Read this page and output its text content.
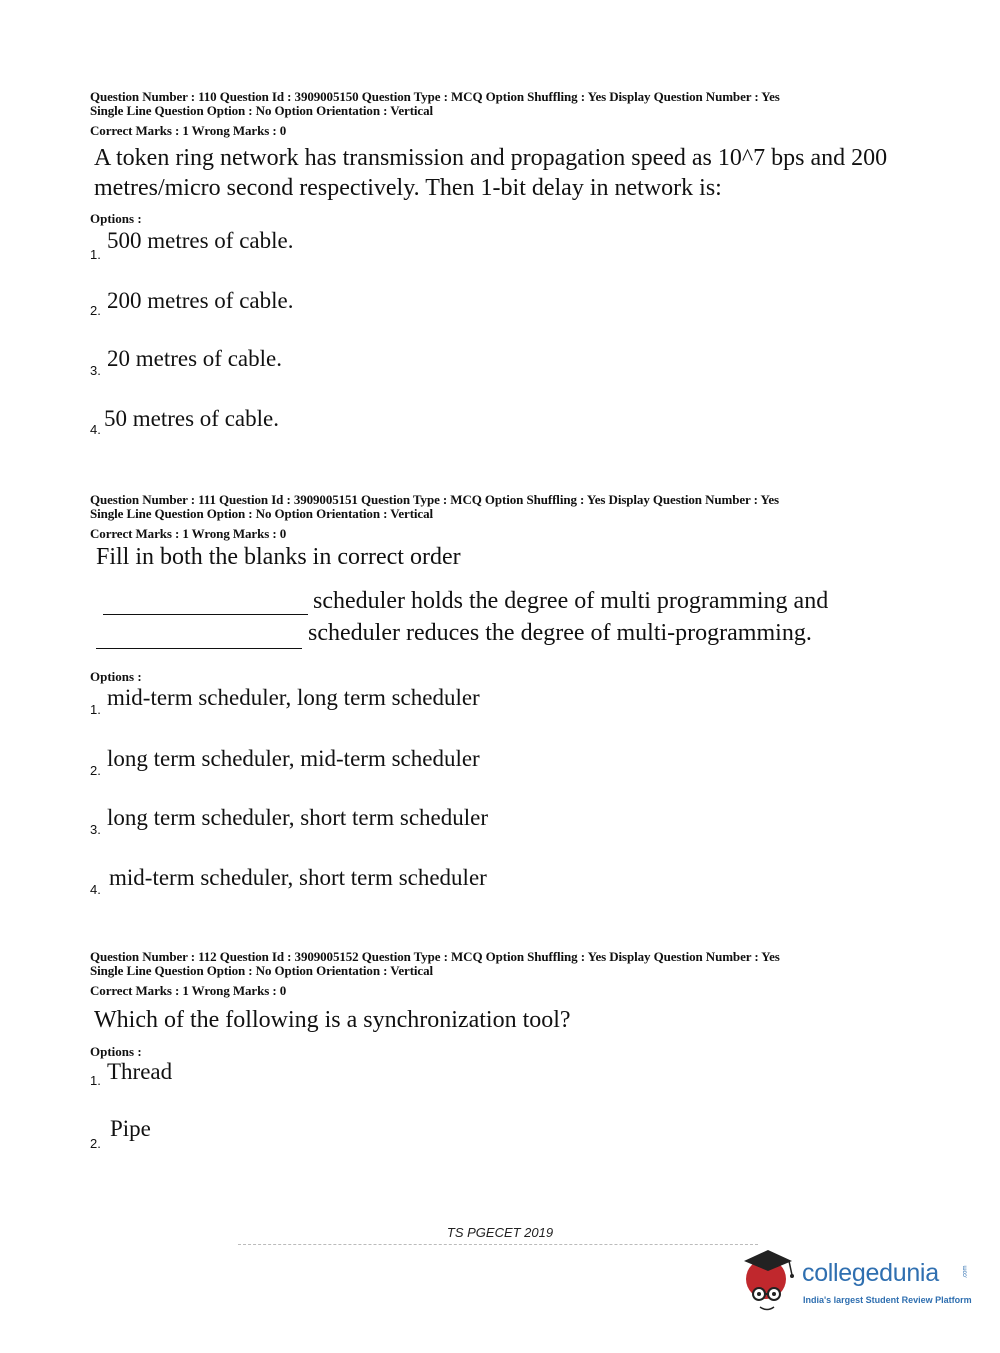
Question Number : 110 Question Id : 3909005150 Question Type : MCQ Option Shuffling : Yes Display Question Number : Yes
Single Line Question Option : No Option Orientation : Vertical
Correct Marks : 1 Wrong Marks : 0
A token ring network has transmission and propagation speed as 10^7 bps and 200
metres/micro second respectively. Then 1-bit delay in network is:
Options :
1.
500 metres of cable.
2. 200 metres of cable.
3. 20 metres of cable.
4. 50 metres of cable.
Question Number : 111 Question Id : 3909005151 Question Type : MCQ Option Shuffling : Yes Display Question Number : Yes
Single Line Question Option : No Option Orientation : Vertical
Correct Marks : 1 Wrong Marks : 0
Fill in both the blanks in correct order
scheduler holds the degree of multi programming and
scheduler reduces the degree of multi-programming.
Options :
1. mid-term scheduler, long term scheduler
2. long term scheduler, mid-term scheduler
3. long term scheduler, short term scheduler
4. mid-term scheduler, short term scheduler
Question Number : 112 Question Id : 3909005152 Question Type : MCQ Option Shuffling : Yes Display Question Number : Yes
Single Line Question Option : No Option Orientation : Vertical
Correct Marks : 1 Wrong Marks : 0
Which of the following is a synchronization tool?
Options :
1. Thread
2.
Pipe
TS PGECET 2019
collegedunia	.com
India's largest Student Review Platform
